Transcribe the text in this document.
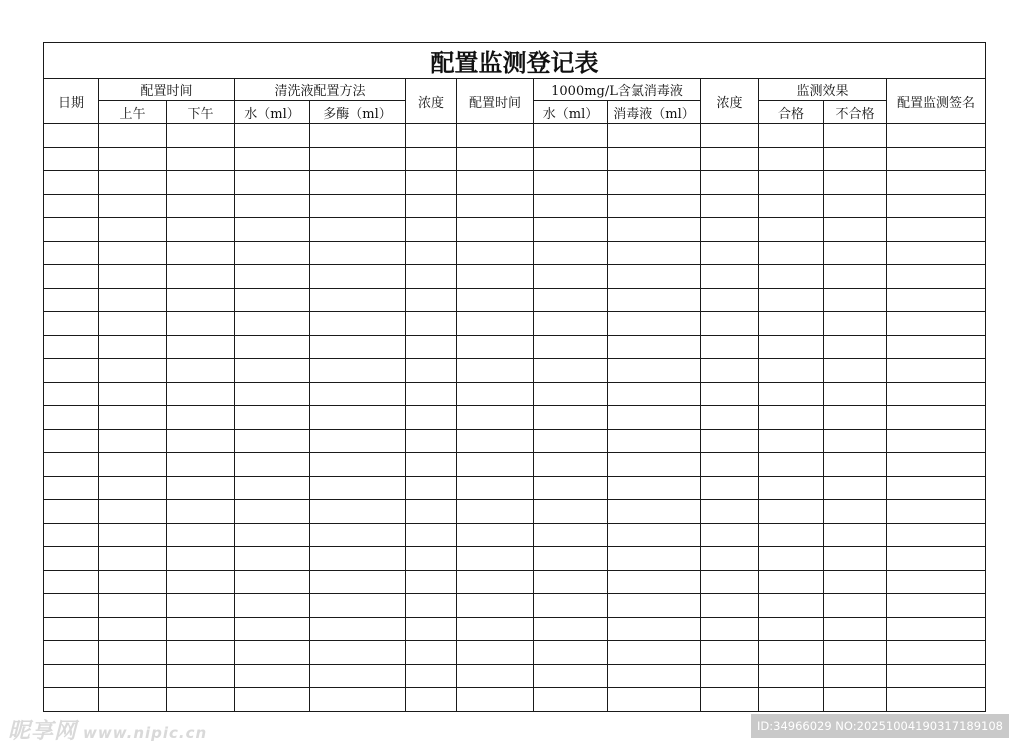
配置监测登记表												
日期	配置时间		清洗液配置方法		浓度	配置时间	1000mg/L含氯消毒液		浓度	监测效果		配置监测签名
	上午	下午	水（ml）	多酶（ml）			水（ml）	消毒液（ml）		合格	不合格	

昵享网 www.nipic.cn	ID:34966029 NO:20251004190317189108
